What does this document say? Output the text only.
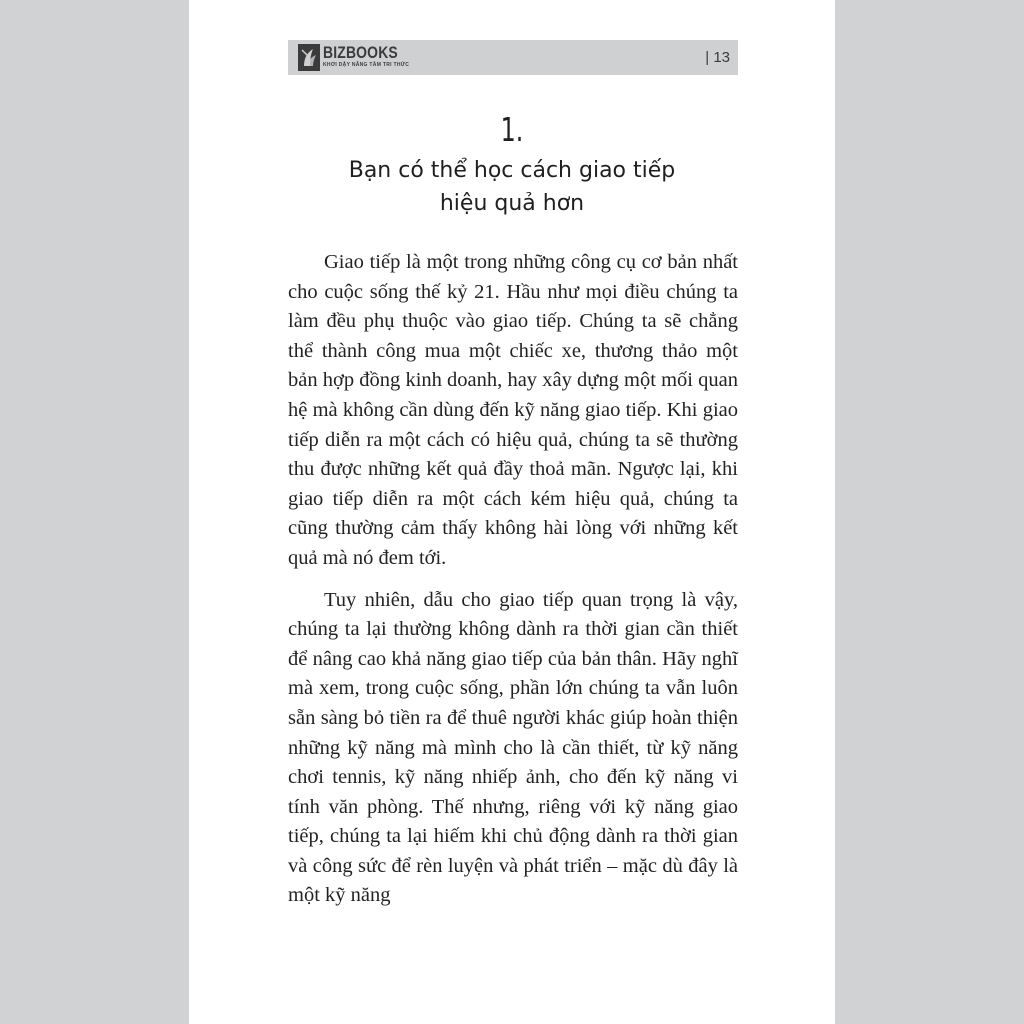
BIZBOOKS
KHƠI DẬY NĂNG TẦM TRI THỨC	| 13
1.
Bạn có thể học cách giao tiếp
hiệu quả hơn

Giao tiếp là một trong những công cụ cơ bản nhất cho cuộc sống thế kỷ 21. Hầu như mọi điều chúng ta làm đều phụ thuộc vào giao tiếp. Chúng ta sẽ chẳng thể thành công mua một chiếc xe, thương thảo một bản hợp đồng kinh doanh, hay xây dựng một mối quan hệ mà không cần dùng đến kỹ năng giao tiếp. Khi giao tiếp diễn ra một cách có hiệu quả, chúng ta sẽ thường thu được những kết quả đầy thoả mãn. Ngược lại, khi giao tiếp diễn ra một cách kém hiệu quả, chúng ta cũng thường cảm thấy không hài lòng với những kết quả mà nó đem tới.

Tuy nhiên, dẫu cho giao tiếp quan trọng là vậy, chúng ta lại thường không dành ra thời gian cần thiết để nâng cao khả năng giao tiếp của bản thân. Hãy nghĩ mà xem, trong cuộc sống, phần lớn chúng ta vẫn luôn sẵn sàng bỏ tiền ra để thuê người khác giúp hoàn thiện những kỹ năng mà mình cho là cần thiết, từ kỹ năng chơi tennis, kỹ năng nhiếp ảnh, cho đến kỹ năng vi tính văn phòng. Thế nhưng, riêng với kỹ năng giao tiếp, chúng ta lại hiếm khi chủ động dành ra thời gian và công sức để rèn luyện và phát triển – mặc dù đây là một kỹ năng
